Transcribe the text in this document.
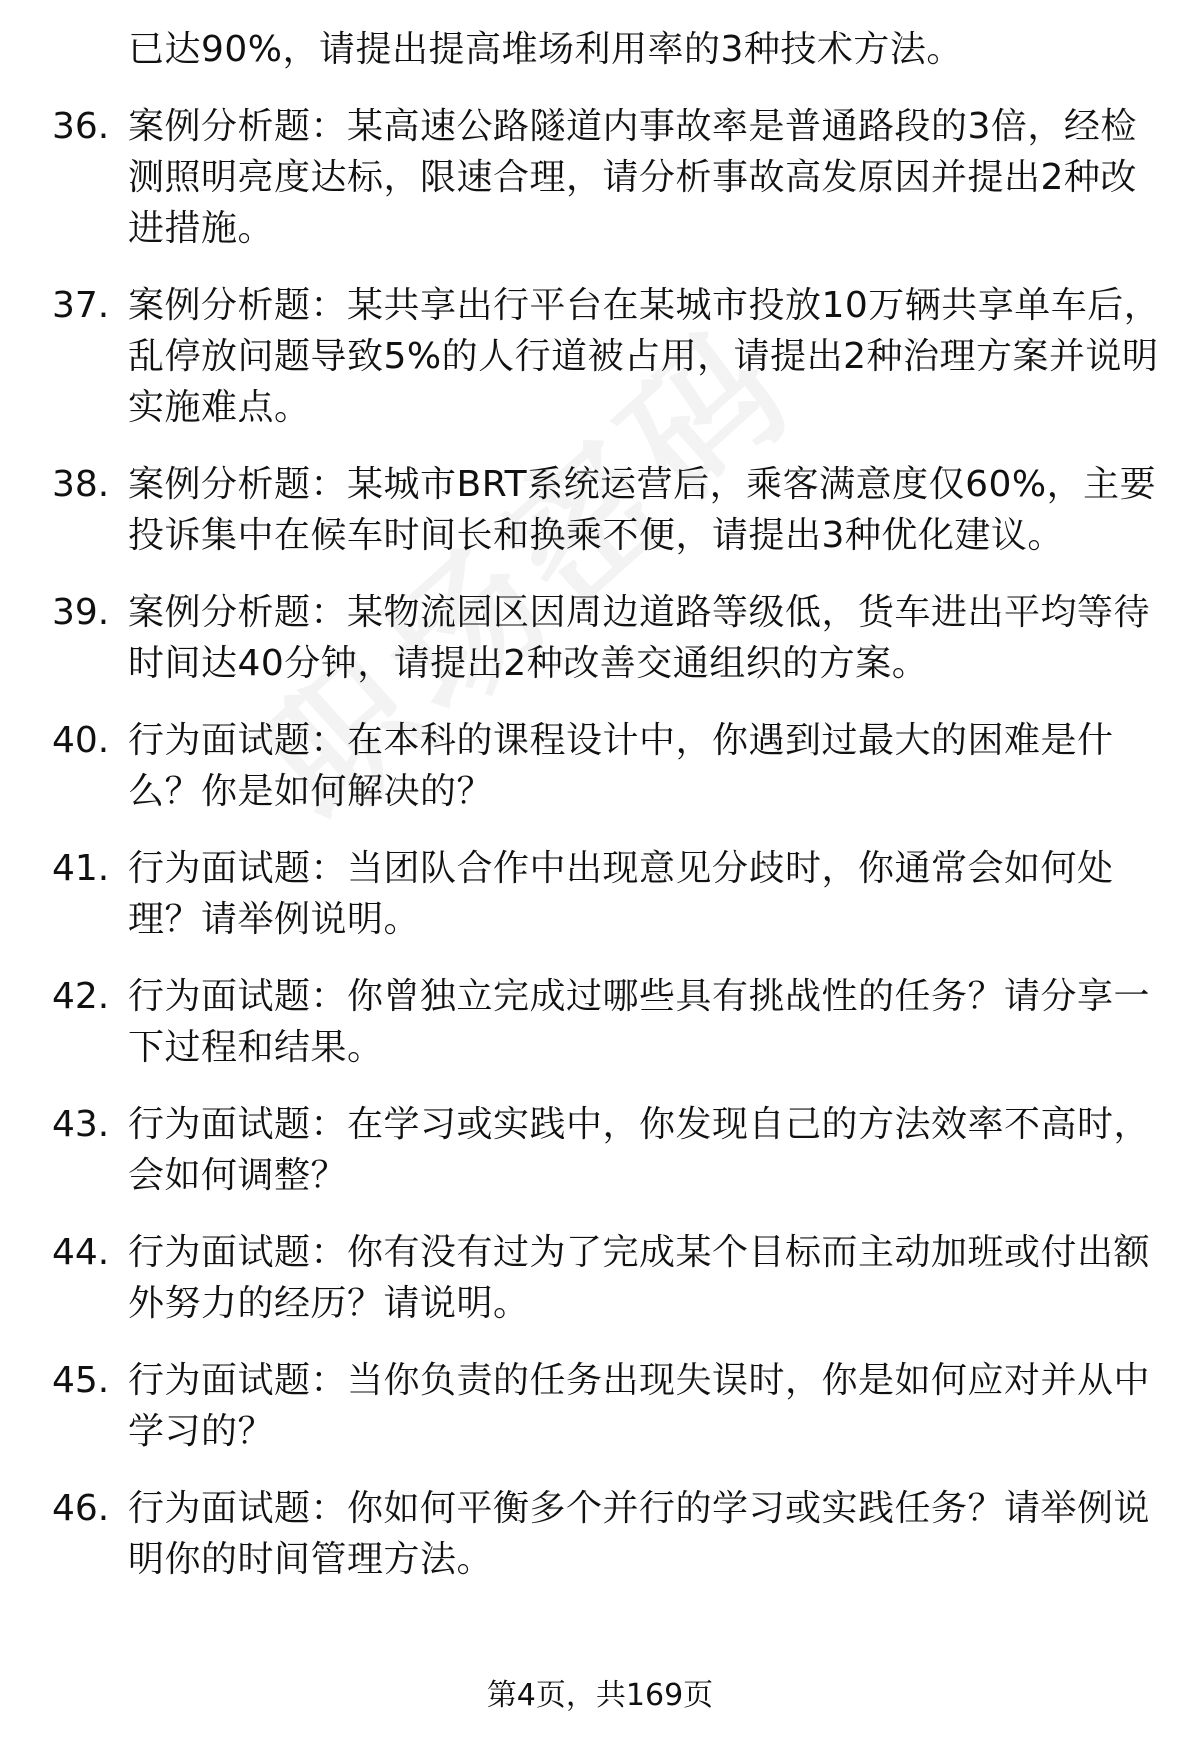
已达90%，请提出提高堆场利用率的3种技术方法。
36. 案例分析题：某高速公路隧道内事故率是普通路段的3倍，经检测照明亮度达标，限速合理，请分析事故高发原因并提出2种改进措施。
37. 案例分析题：某共享出行平台在某城市投放10万辆共享单车后，乱停放问题导致5%的人行道被占用，请提出2种治理方案并说明实施难点。
38. 案例分析题：某城市BRT系统运营后，乘客满意度仅60%，主要投诉集中在候车时间长和换乘不便，请提出3种优化建议。
39. 案例分析题：某物流园区因周边道路等级低，货车进出平均等待时间达40分钟，请提出2种改善交通组织的方案。
40. 行为面试题：在本科的课程设计中，你遇到过最大的困难是什么？你是如何解决的？
41. 行为面试题：当团队合作中出现意见分歧时，你通常会如何处理？请举例说明。
42. 行为面试题：你曾独立完成过哪些具有挑战性的任务？请分享一下过程和结果。
43. 行为面试题：在学习或实践中，你发现自己的方法效率不高时，会如何调整？
44. 行为面试题：你有没有过为了完成某个目标而主动加班或付出额外努力的经历？请说明。
45. 行为面试题：当你负责的任务出现失误时，你是如何应对并从中学习的？
46. 行为面试题：你如何平衡多个并行的学习或实践任务？请举例说明你的时间管理方法。
第4页，共169页
